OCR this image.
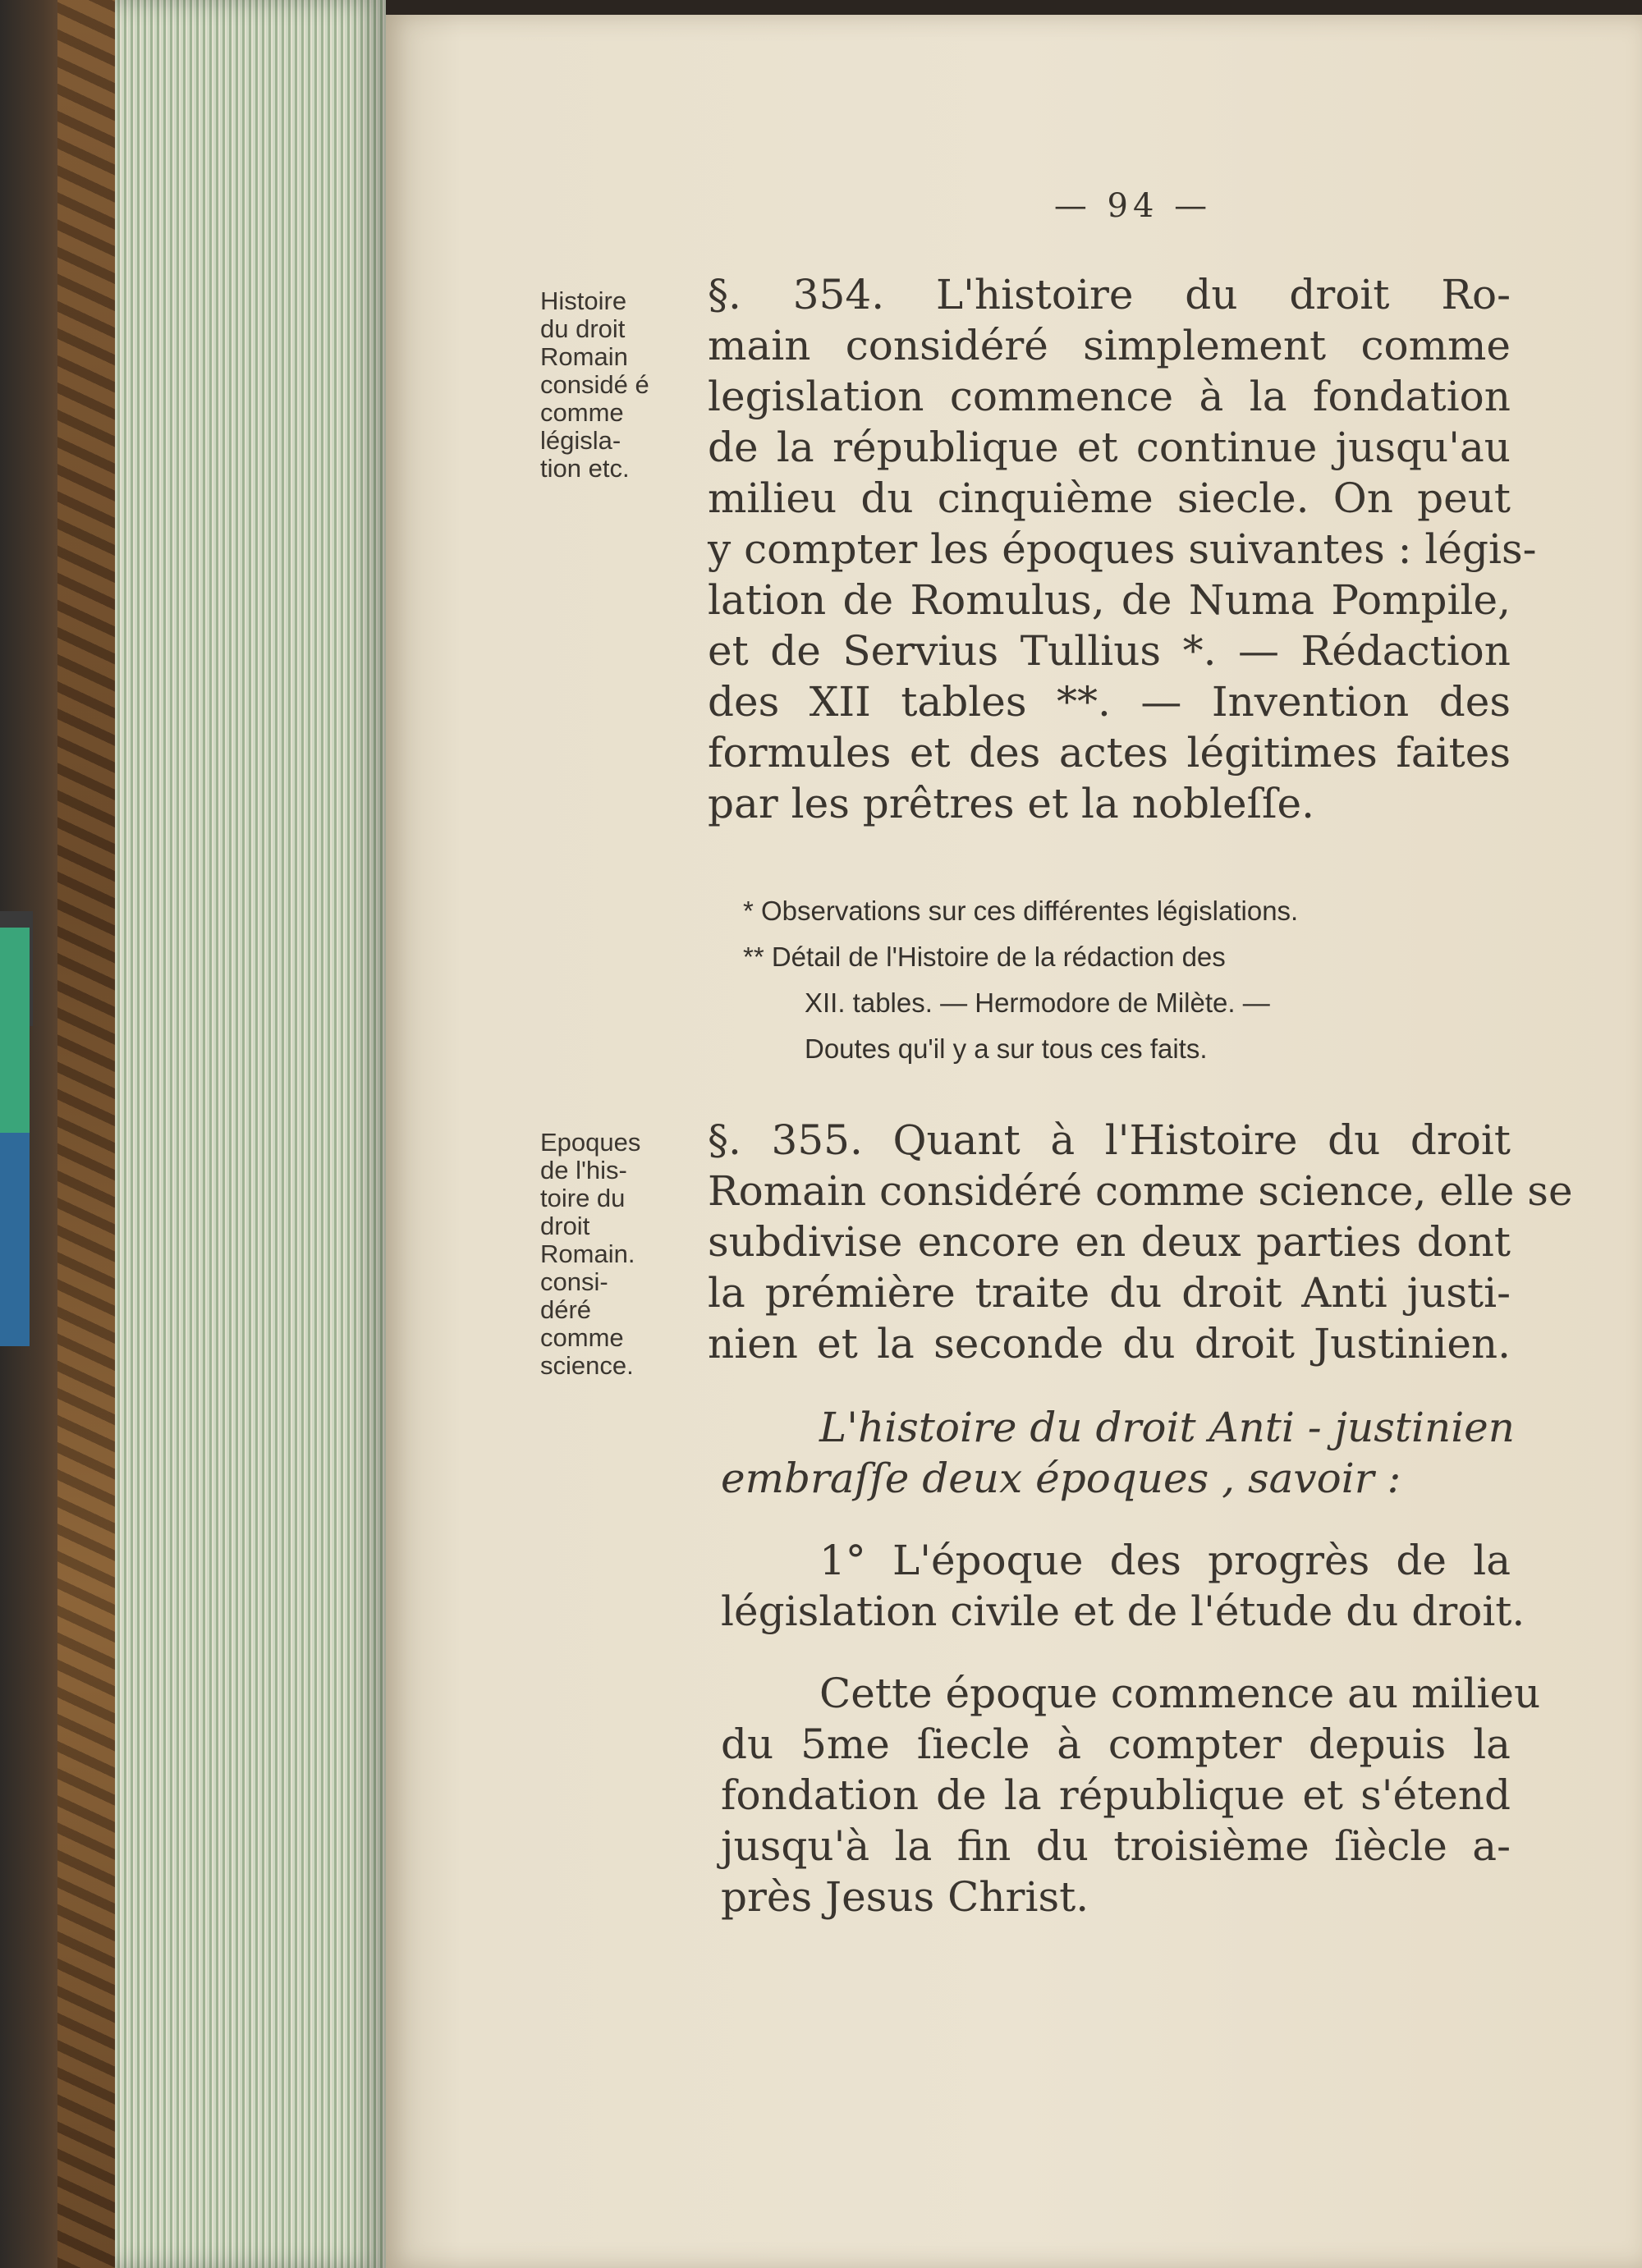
— 94 —
Histoire
du droit
Romain
considé é
comme
législa-
tion etc.
§. 354. L'histoire du droit Ro-
main considéré simplement comme
legislation commence à la fondation
de la république et continue jusqu'au
milieu du cinquième siecle. On peut
y compter les époques suivantes : légis-
lation de Romulus, de Numa Pompile,
et de Servius Tullius *. — Rédaction
des XII tables **. — Invention des
formules et des actes légitimes faites
par les prêtres et la nobleſſe.
* Observations sur ces différentes législations.
** Détail de l'Histoire de la rédaction des
XII. tables. — Hermodore de Milète. —
Doutes qu'il y a sur tous ces faits.
Epoques
de l'his-
toire du
droit
Romain.
consi-
déré
comme
science.
§. 355. Quant à l'Histoire du droit
Romain considéré comme science, elle se
subdivise encore en deux parties dont
la prémière traite du droit Anti justi-
nien et la seconde du droit Justinien.
L'histoire du droit Anti - justinien
embraſſe deux époques , savoir :
1° L'époque des progrès de la
législation civile et de l'étude du droit.
Cette époque commence au milieu
du 5me ſiecle à compter depuis la
fondation de la république et s'étend
jusqu'à la fin du troisième ſiècle a-
près Jesus Christ.
